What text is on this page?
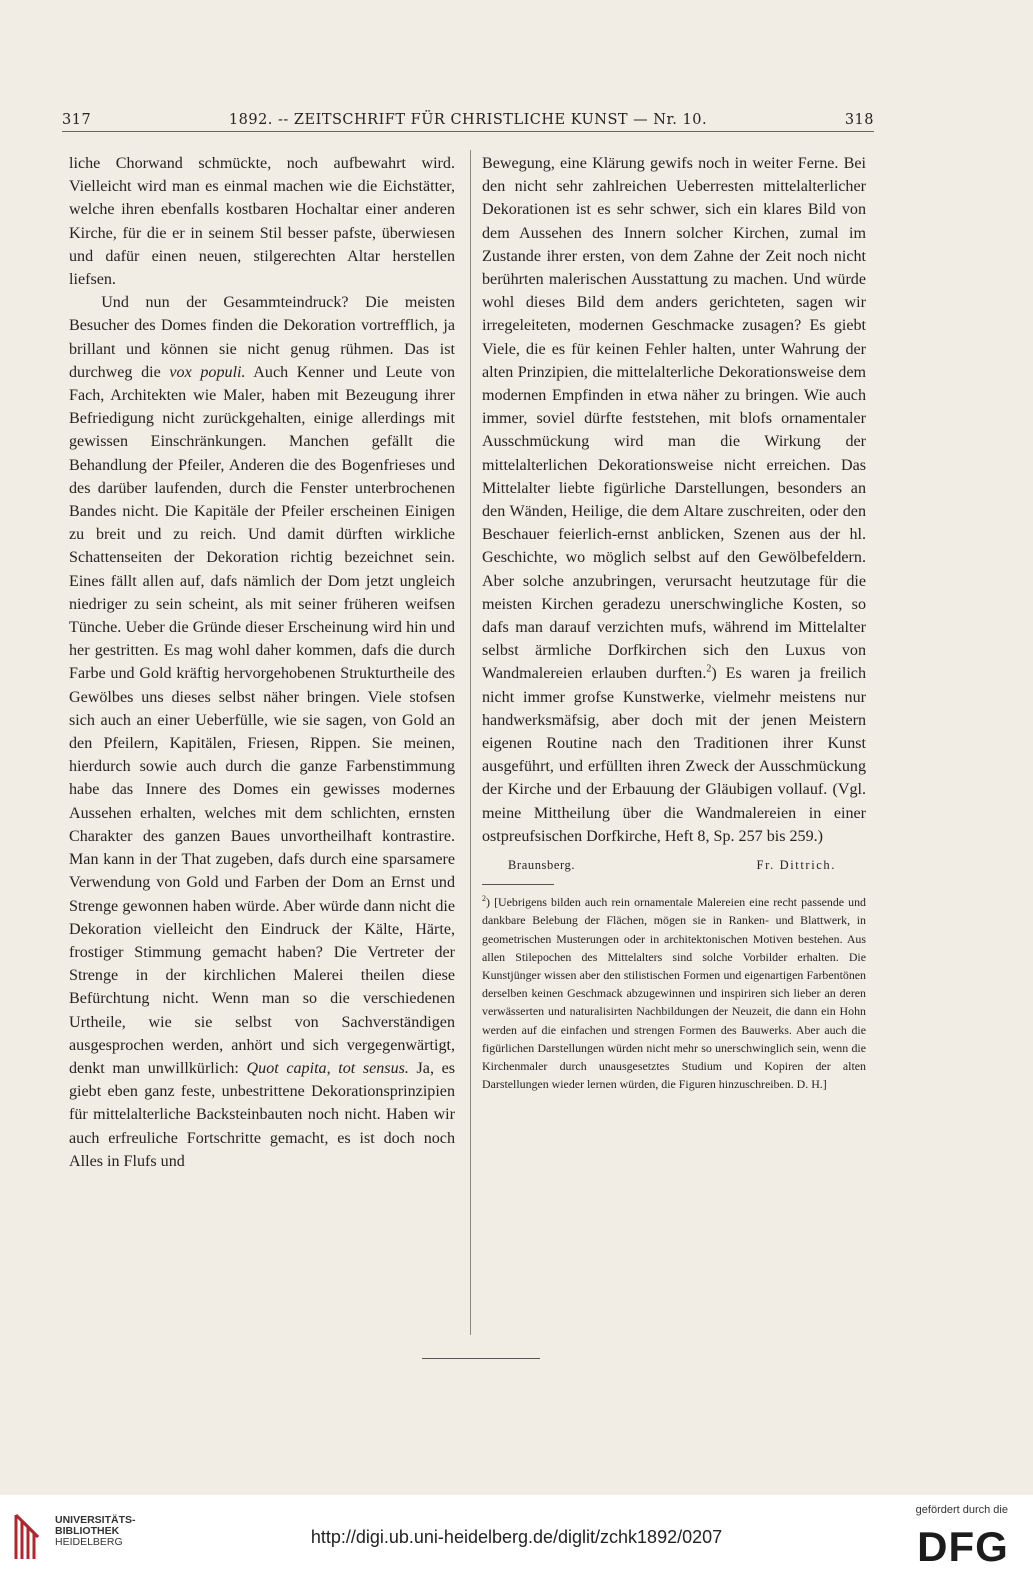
317	1892. -- ZEITSCHRIFT FÜR CHRISTLICHE KUNST — Nr. 10.	318

liche Chorwand schmückte, noch aufbewahrt wird. Vielleicht wird man es einmal machen wie die Eichstätter, welche ihren ebenfalls kostbaren Hochaltar einer anderen Kirche, für die er in seinem Stil besser pafste, überwiesen und dafür einen neuen, stilgerechten Altar herstellen liefsen.

Und nun der Gesammteindruck? Die meisten Besucher des Domes finden die Dekoration vortrefflich, ja brillant und können sie nicht genug rühmen. Das ist durchweg die vox populi. Auch Kenner und Leute von Fach, Architekten wie Maler, haben mit Bezeugung ihrer Befriedigung nicht zurückgehalten, einige allerdings mit gewissen Einschränkungen. Manchen gefällt die Behandlung der Pfeiler, Anderen die des Bogenfrieses und des darüber laufenden, durch die Fenster unterbrochenen Bandes nicht. Die Kapitäle der Pfeiler erscheinen Einigen zu breit und zu reich. Und damit dürften wirkliche Schattenseiten der Dekoration richtig bezeichnet sein. Eines fällt allen auf, dafs nämlich der Dom jetzt ungleich niedriger zu sein scheint, als mit seiner früheren weifsen Tünche. Ueber die Gründe dieser Erscheinung wird hin und her gestritten. Es mag wohl daher kommen, dafs die durch Farbe und Gold kräftig hervorgehobenen Strukturtheile des Gewölbes uns dieses selbst näher bringen. Viele stofsen sich auch an einer Ueberfülle, wie sie sagen, von Gold an den Pfeilern, Kapitälen, Friesen, Rippen. Sie meinen, hierdurch sowie auch durch die ganze Farbenstimmung habe das Innere des Domes ein gewisses modernes Aussehen erhalten, welches mit dem schlichten, ernsten Charakter des ganzen Baues unvortheilhaft kontrastire. Man kann in der That zugeben, dafs durch eine sparsamere Verwendung von Gold und Farben der Dom an Ernst und Strenge gewonnen haben würde. Aber würde dann nicht die Dekoration vielleicht den Eindruck der Kälte, Härte, frostiger Stimmung gemacht haben? Die Vertreter der Strenge in der kirchlichen Malerei theilen diese Befürchtung nicht. Wenn man so die verschiedenen Urtheile, wie sie selbst von Sachverständigen ausgesprochen werden, anhört und sich vergegenwärtigt, denkt man unwillkürlich: Quot capita, tot sensus. Ja, es giebt eben ganz feste, unbestrittene Dekorationsprinzipien für mittelalterliche Backsteinbauten noch nicht. Haben wir auch erfreuliche Fortschritte gemacht, es ist doch noch Alles in Flufs und

Bewegung, eine Klärung gewifs noch in weiter Ferne. Bei den nicht sehr zahlreichen Ueberresten mittelalterlicher Dekorationen ist es sehr schwer, sich ein klares Bild von dem Aussehen des Innern solcher Kirchen, zumal im Zustande ihrer ersten, von dem Zahne der Zeit noch nicht berührten malerischen Ausstattung zu machen. Und würde wohl dieses Bild dem anders gerichteten, sagen wir irregeleiteten, modernen Geschmacke zusagen? Es giebt Viele, die es für keinen Fehler halten, unter Wahrung der alten Prinzipien, die mittelalterliche Dekorationsweise dem modernen Empfinden in etwa näher zu bringen. Wie auch immer, soviel dürfte feststehen, mit blofs ornamentaler Ausschmückung wird man die Wirkung der mittelalterlichen Dekorationsweise nicht erreichen. Das Mittelalter liebte figürliche Darstellungen, besonders an den Wänden, Heilige, die dem Altare zuschreiten, oder den Beschauer feierlich-ernst anblicken, Szenen aus der hl. Geschichte, wo möglich selbst auf den Gewölbefeldern. Aber solche anzubringen, verursacht heutzutage für die meisten Kirchen geradezu unerschwingliche Kosten, so dafs man darauf verzichten mufs, während im Mittelalter selbst ärmliche Dorfkirchen sich den Luxus von Wandmalereien erlauben durften.$^2$) Es waren ja freilich nicht immer grofse Kunstwerke, vielmehr meistens nur handwerksmäfsig, aber doch mit der jenen Meistern eigenen Routine nach den Traditionen ihrer Kunst ausgeführt, und erfüllten ihren Zweck der Ausschmückung der Kirche und der Erbauung der Gläubigen vollauf. (Vgl. meine Mittheilung über die Wandmalereien in einer ostpreufsischen Dorfkirche, Heft 8, Sp. 257 bis 259.)

Braunsberg.	Fr. Dittrich.

$^2$) [Uebrigens bilden auch rein ornamentale Malereien eine recht passende und dankbare Belebung der Flächen, mögen sie in Ranken- und Blattwerk, in geometrischen Musterungen oder in architektonischen Motiven bestehen. Aus allen Stilepochen des Mittelalters sind solche Vorbilder erhalten. Die Kunstjünger wissen aber den stilistischen Formen und eigenartigen Farbentönen derselben keinen Geschmack abzugewinnen und inspiriren sich lieber an deren verwässerten und naturalisirten Nachbildungen der Neuzeit, die dann ein Hohn werden auf die einfachen und strengen Formen des Bauwerks. Aber auch die figürlichen Darstellungen würden nicht mehr so unerschwinglich sein, wenn die Kirchenmaler durch unausgesetztes Studium und Kopiren der alten Darstellungen wieder lernen würden, die Figuren hinzuschreiben. D. H.]

UNIVERSITÄTS-
BIBLIOTHEK
HEIDELBERG	http://digi.ub.uni-heidelberg.de/diglit/zchk1892/0207
gefördert durch die
DFG
